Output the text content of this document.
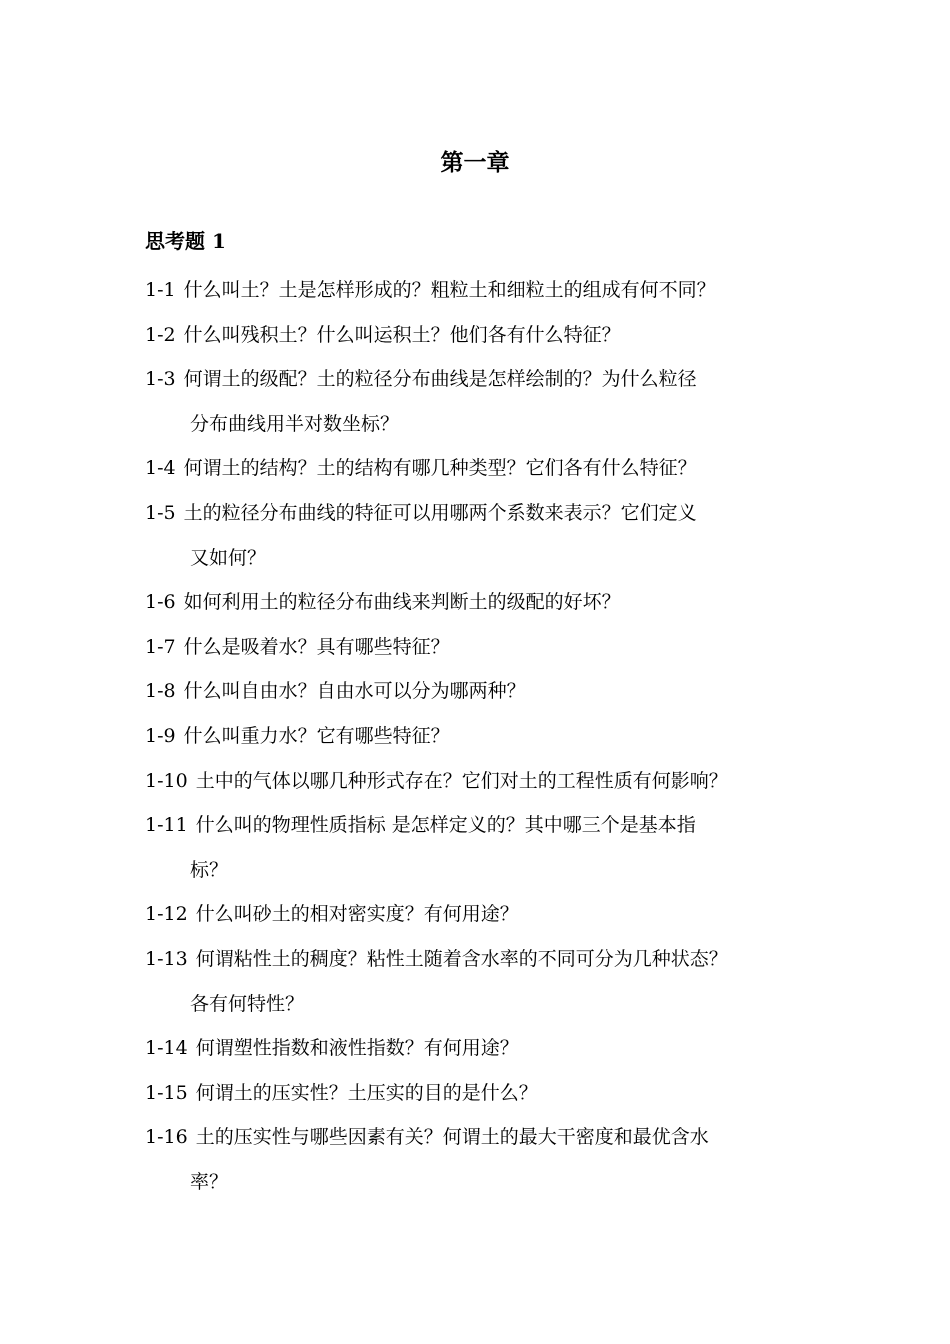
第一章
思考题 1
1-1 什么叫土？土是怎样形成的？粗粒土和细粒土的组成有何不同？
1-2 什么叫残积土？什么叫运积土？他们各有什么特征？
1-3 何谓土的级配？土的粒径分布曲线是怎样绘制的？为什么粒径
分布曲线用半对数坐标？
1-4 何谓土的结构？土的结构有哪几种类型？它们各有什么特征？
1-5 土的粒径分布曲线的特征可以用哪两个系数来表示？它们定义
又如何？
1-6 如何利用土的粒径分布曲线来判断土的级配的好坏？
1-7 什么是吸着水？具有哪些特征？
1-8 什么叫自由水？自由水可以分为哪两种？
1-9 什么叫重力水？它有哪些特征？
1-10 土中的气体以哪几种形式存在？它们对土的工程性质有何影响？
1-11 什么叫的物理性质指标 是怎样定义的？其中哪三个是基本指
标？
1-12 什么叫砂土的相对密实度？有何用途？
1-13 何谓粘性土的稠度？粘性土随着含水率的不同可分为几种状态？
各有何特性？
1-14 何谓塑性指数和液性指数？有何用途？
1-15 何谓土的压实性？土压实的目的是什么？
1-16 土的压实性与哪些因素有关？何谓土的最大干密度和最优含水
率？
